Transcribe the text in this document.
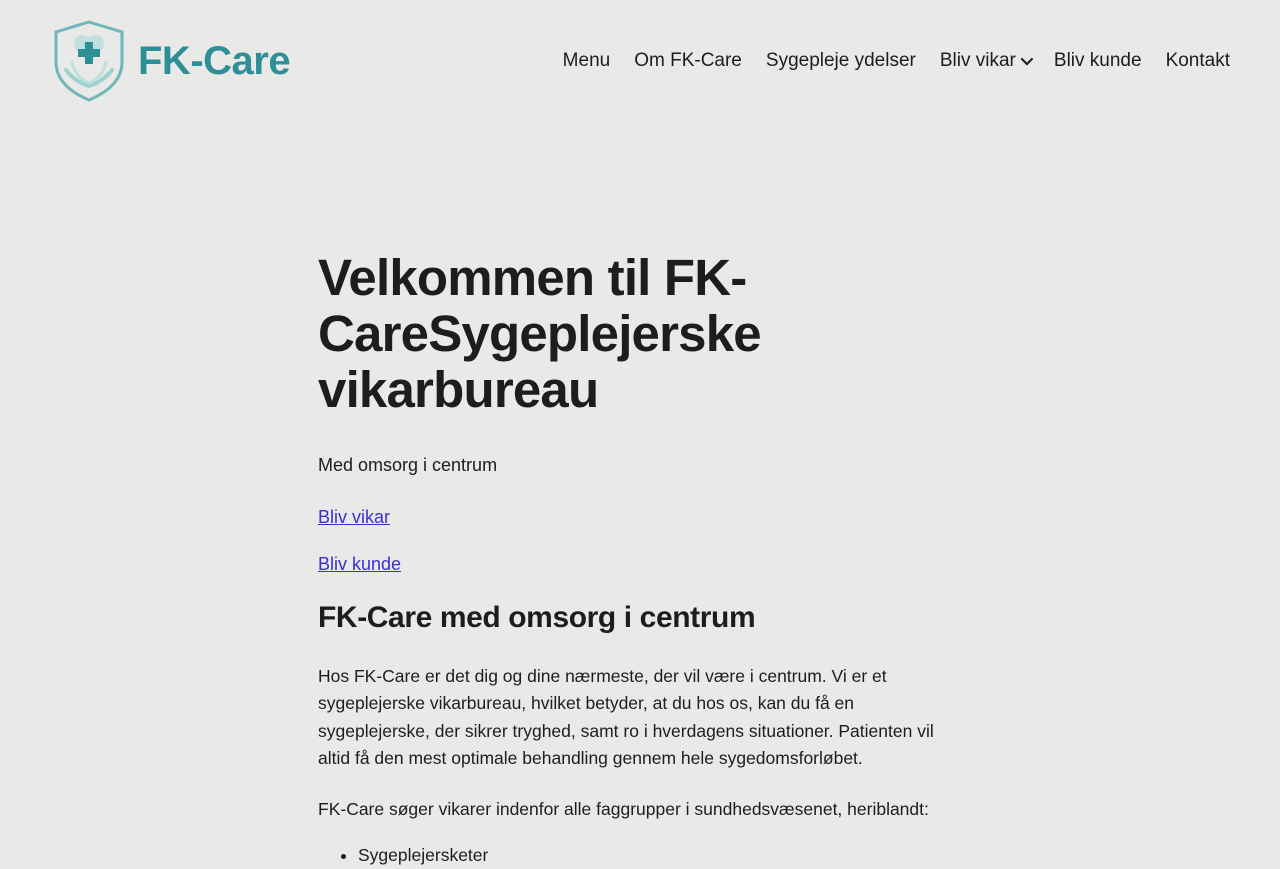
FK-Care	Menu Om FK-Care Sygepleje ydelser Bliv vikar Bliv kunde Kontakt
Velkommen til FK-CareSygeplejerske vikarbureau

Med omsorg i centrum

Bliv vikar
Bliv kunde
FK-Care med omsorg i centrum

Hos FK-Care er det dig og dine nærmeste, der vil være i centrum. Vi er et sygeplejerske vikarbureau, hvilket betyder, at du hos os, kan du få en sygeplejerske, der sikrer tryghed, samt ro i hverdagens situationer. Patienten vil altid få den mest optimale behandling gennem hele sygedomsforløbet.

FK-Care søger vikarer indenfor alle faggrupper i sundhedsvæsenet, heriblandt:

• Sygeplejersketer
